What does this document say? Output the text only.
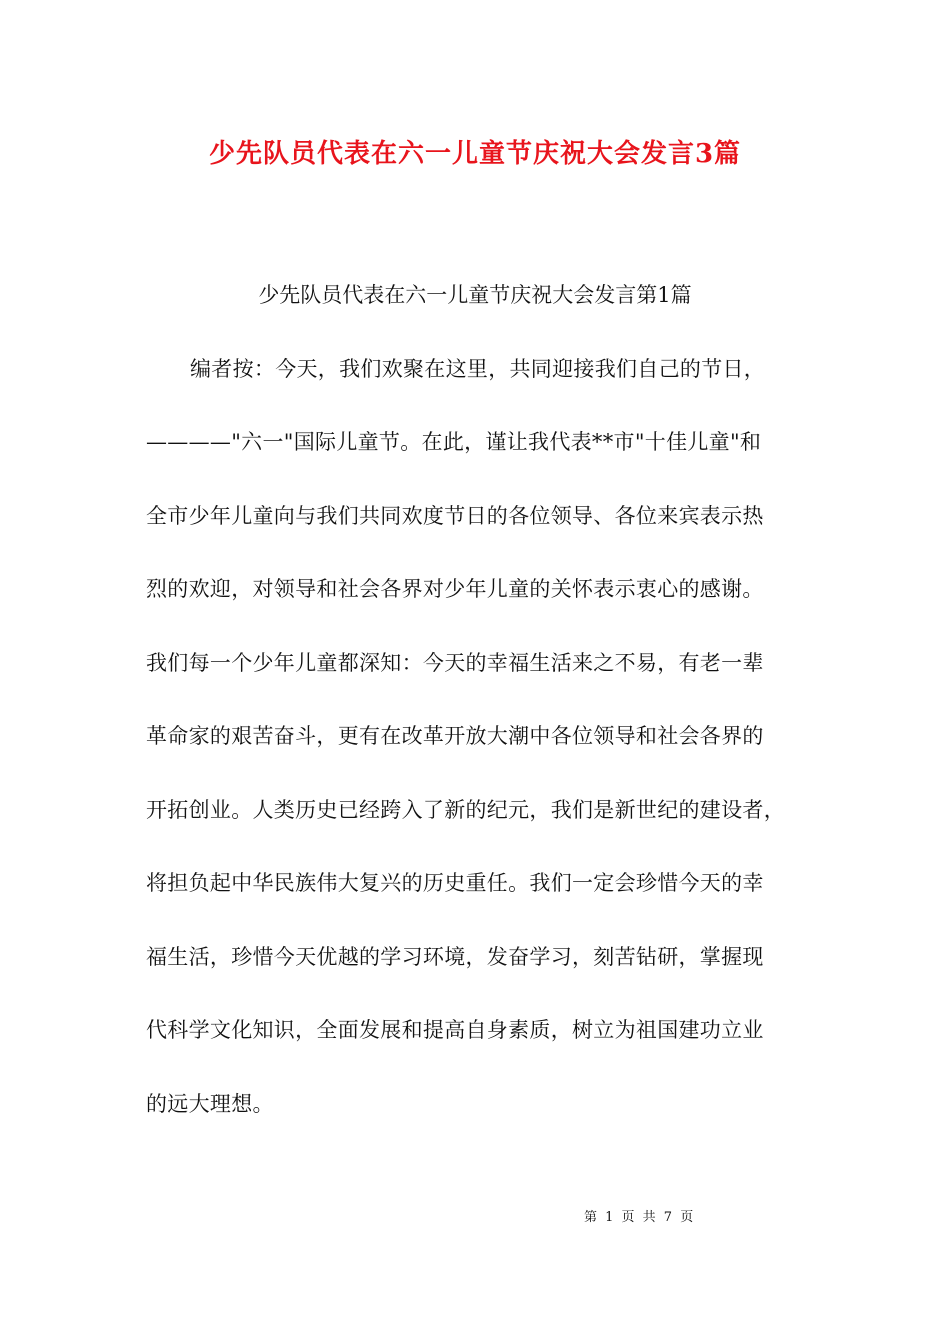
少先队员代表在六一儿童节庆祝大会发言3篇
少先队员代表在六一儿童节庆祝大会发言第1篇
编者按：今天，我们欢聚在这里，共同迎接我们自己的节日，
————"六一"国际儿童节。在此，谨让我代表**市"十佳儿童"和
全市少年儿童向与我们共同欢度节日的各位领导、各位来宾表示热
烈的欢迎，对领导和社会各界对少年儿童的关怀表示衷心的感谢。
我们每一个少年儿童都深知：今天的幸福生活来之不易，有老一辈
革命家的艰苦奋斗，更有在改革开放大潮中各位领导和社会各界的
开拓创业。人类历史已经跨入了新的纪元，我们是新世纪的建设者，
将担负起中华民族伟大复兴的历史重任。我们一定会珍惜今天的幸
福生活，珍惜今天优越的学习环境，发奋学习，刻苦钻研，掌握现
代科学文化知识，全面发展和提高自身素质，树立为祖国建功立业
的远大理想。
第 1 页 共 7 页
